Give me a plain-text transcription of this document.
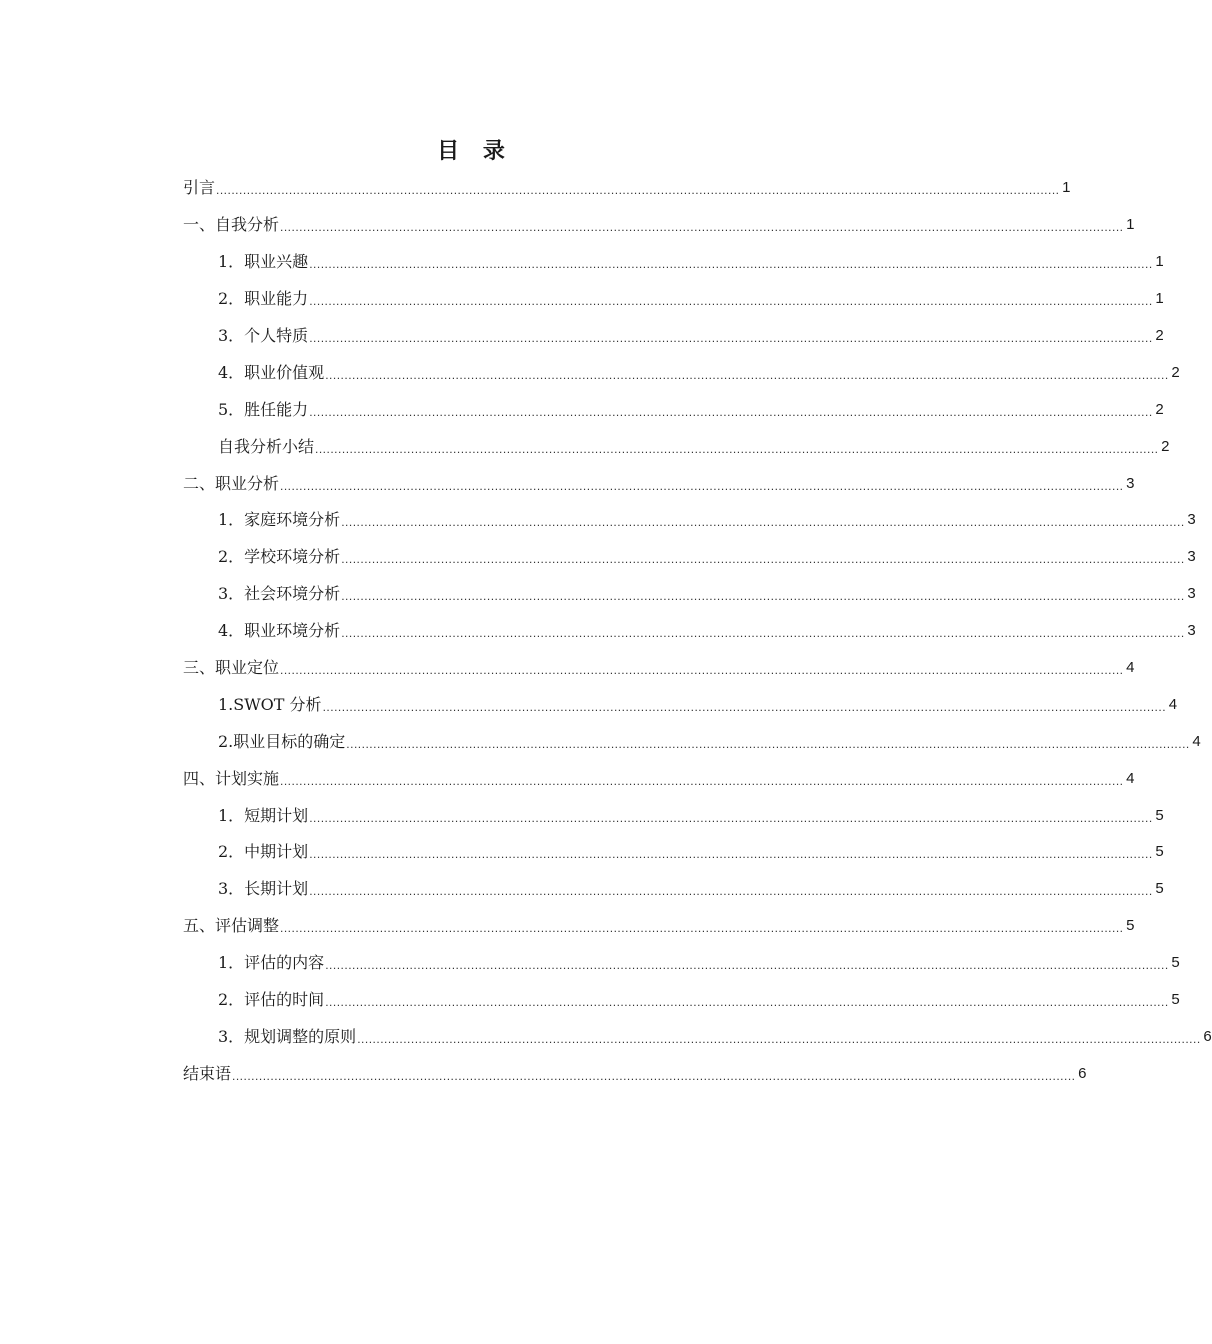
目 录
引言 ............................................................................................................................................................................................................................ 1
一、自我分析 ............................................................................................................................................................................................................................ 1
1．职业兴趣 ............................................................................................................................................................................................................................ 1
2．职业能力 ............................................................................................................................................................................................................................ 1
3．个人特质 ............................................................................................................................................................................................................................ 2
4．职业价值观 ............................................................................................................................................................................................................................ 2
5．胜任能力 ............................................................................................................................................................................................................................ 2
自我分析小结 ............................................................................................................................................................................................................................ 2
二、职业分析 ............................................................................................................................................................................................................................ 3
1．家庭环境分析 ............................................................................................................................................................................................................................ 3
2．学校环境分析 ............................................................................................................................................................................................................................ 3
3．社会环境分析 ............................................................................................................................................................................................................................ 3
4．职业环境分析 ............................................................................................................................................................................................................................ 3
三、职业定位 ............................................................................................................................................................................................................................ 4
1.SWOT 分析 ............................................................................................................................................................................................................................ 4
2.职业目标的确定 ............................................................................................................................................................................................................................ 4
四、计划实施 ............................................................................................................................................................................................................................ 4
1．短期计划 ............................................................................................................................................................................................................................ 5
2．中期计划 ............................................................................................................................................................................................................................ 5
3．长期计划 ............................................................................................................................................................................................................................ 5
五、评估调整 ............................................................................................................................................................................................................................ 5
1．评估的内容 ............................................................................................................................................................................................................................ 5
2．评估的时间 ............................................................................................................................................................................................................................ 5
3．规划调整的原则 ............................................................................................................................................................................................................................ 6
结束语 ............................................................................................................................................................................................................................ 6
